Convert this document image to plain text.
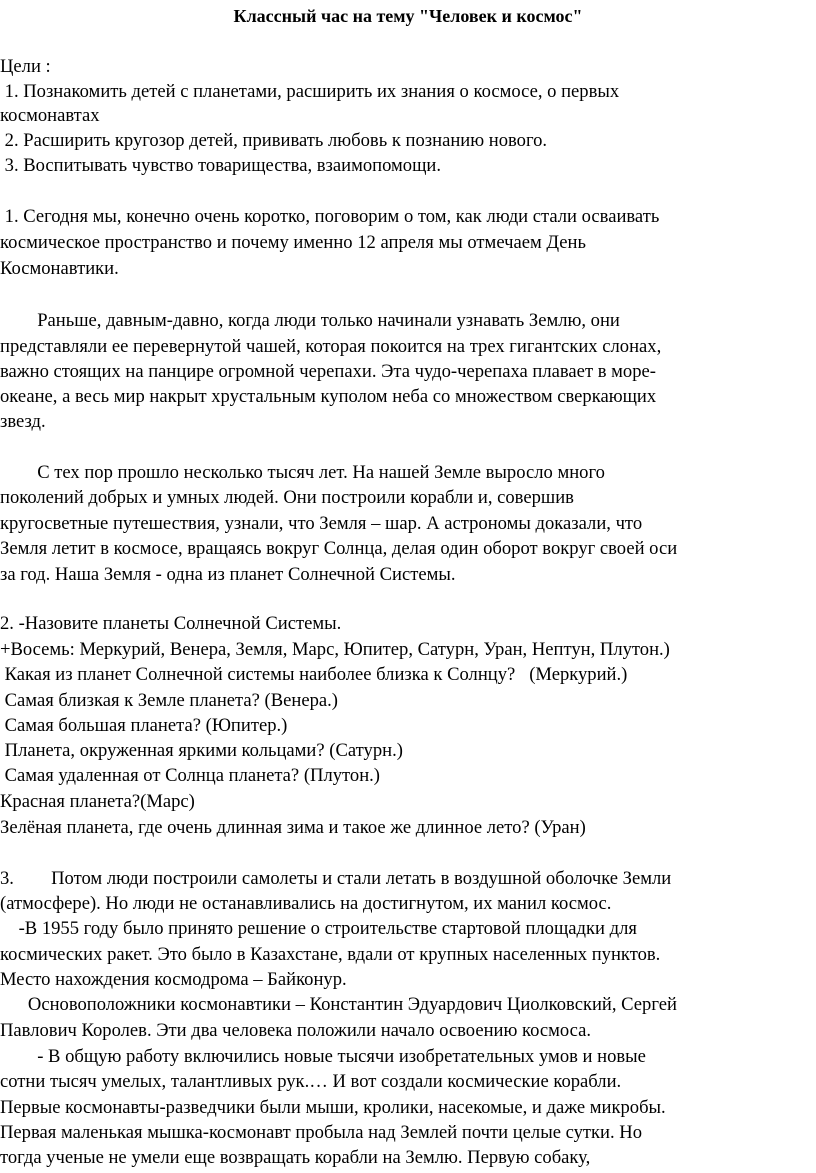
Классный час на тему "Человек и космос"
Цели :
1. Познакомить детей с планетами, расширить их знания о космосе, о первых
космонавтах
2. Расширить кругозор детей, прививать любовь к познанию нового.
3. Воспитывать чувство товарищества, взаимопомощи.
1. Сегодня мы, конечно очень коротко, поговорим о том, как люди стали осваивать
космическое пространство и почему именно 12 апреля мы отмечаем День
Космонавтики.
Раньше, давным-давно, когда люди только начинали узнавать Землю, они
представляли ее перевернутой чашей, которая покоится на трех гигантских слонах,
важно стоящих на панцире огромной черепахи. Эта чудо-черепаха плавает в море-
океане, а весь мир накрыт хрустальным куполом неба со множеством сверкающих
звезд.
С тех пор прошло несколько тысяч лет. На нашей Земле выросло много
поколений добрых и умных людей. Они построили корабли и, совершив
кругосветные путешествия, узнали, что Земля – шар. А астрономы доказали, что
Земля летит в космосе, вращаясь вокруг Солнца, делая один оборот вокруг своей оси
за год. Наша Земля - одна из планет Солнечной Системы.
2. -Назовите планеты Солнечной Системы.
+Восемь: Меркурий, Венера, Земля, Марс, Юпитер, Сатурн, Уран, Нептун, Плутон.)
Какая из планет Солнечной системы наиболее близка к Солнцу?   (Меркурий.)
Самая близкая к Земле планета? (Венера.)
Самая большая планета? (Юпитер.)
Планета, окруженная яркими кольцами? (Сатурн.)
Самая удаленная от Солнца планета? (Плутон.)
Красная планета?(Марс)
Зелёная планета, где очень длинная зима и такое же длинное лето? (Уран)
3.        Потом люди построили самолеты и стали летать в воздушной оболочке Земли
(атмосфере). Но люди не останавливались на достигнутом, их манил космос.
-В 1955 году было принято решение о строительстве стартовой площадки для
космических ракет. Это было в Казахстане, вдали от крупных населенных пунктов.
Место нахождения космодрома – Байконур.
Основоположники космонавтики – Константин Эдуардович Циолковский, Сергей
Павлович Королев. Эти два человека положили начало освоению космоса.
- В общую работу включились новые тысячи изобретательных умов и новые
сотни тысяч умелых, талантливых рук.… И вот создали космические корабли.
Первые космонавты-разведчики были мыши, кролики, насекомые, и даже микробы.
Первая маленькая мышка-космонавт пробыла над Землей почти целые сутки. Но
тогда ученые не умели еще возвращать корабли на Землю. Первую собаку,
